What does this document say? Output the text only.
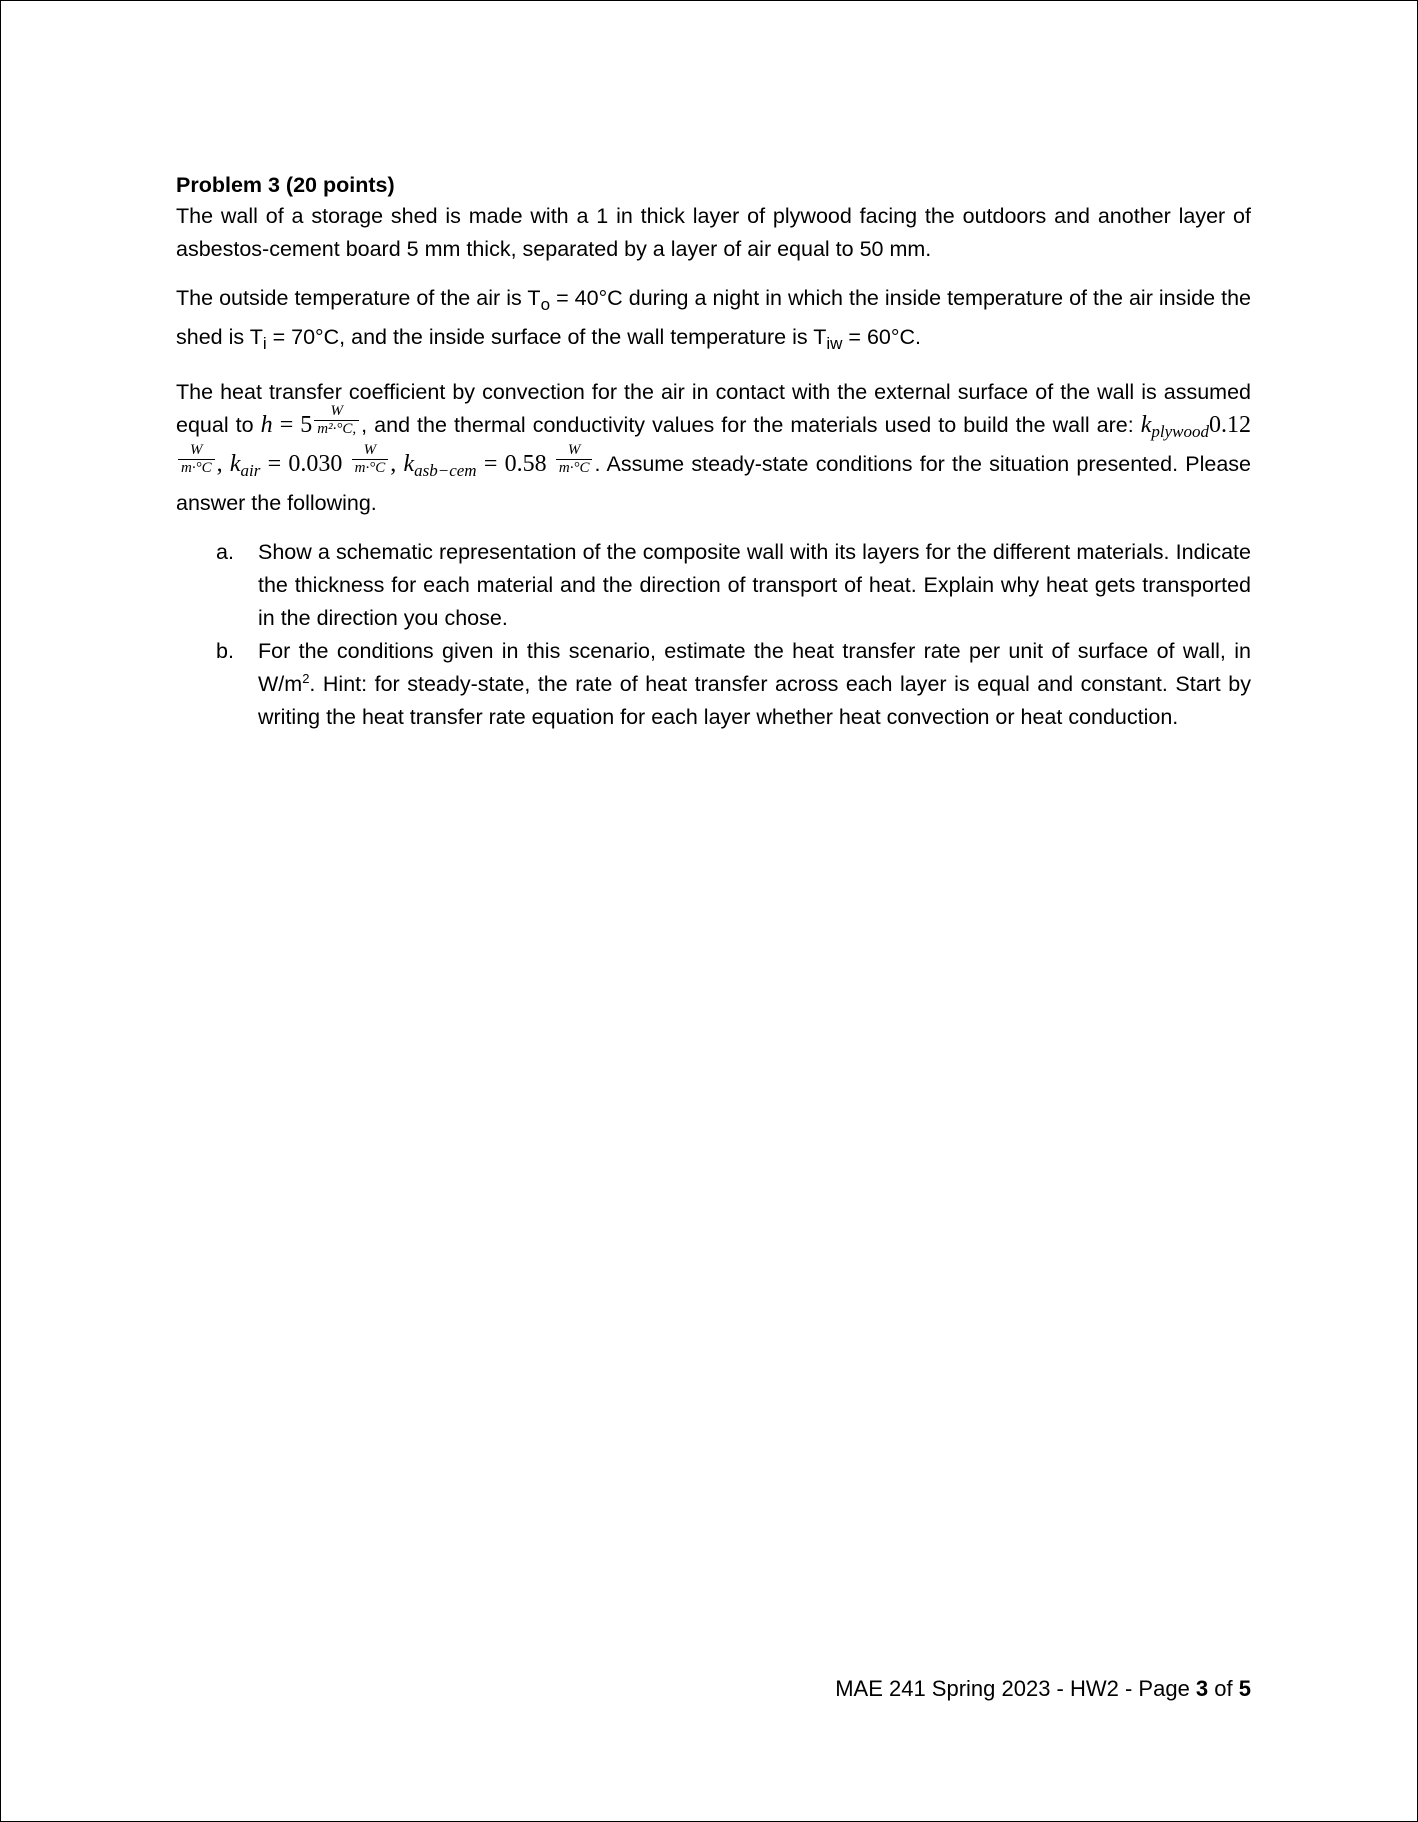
Problem 3 (20 points)

The wall of a storage shed is made with a 1 in thick layer of plywood facing the outdoors and another layer of asbestos-cement board 5 mm thick, separated by a layer of air equal to 50 mm.

The outside temperature of the air is $T_o = 40^\circ C$ during a night in which the inside temperature of the air inside the shed is $T_i = 70^\circ C$, and the inside surface of the wall temperature is $T_{iw} = 60^\circ C$.

The heat transfer coefficient by convection for the air in contact with the external surface of the wall is assumed equal to $h = 5 \frac{W}{\text{m²·°C,}}$ , and the thermal conductivity values for the materials used to build the wall are: $k_{plywood}0.12$
$\frac{W}{m\cdot^\circ C}$ , $k_{air} = 0.030 \frac{W}{m\cdot^\circ C}$ , $k_{asb-cem} = 0.58 \frac{W}{m\cdot^\circ C}$ . Assume steady-state conditions for the situation presented. Please answer the following.

a. Show a schematic representation of the composite wall with its layers for the different materials. Indicate the thickness for each material and the direction of transport of heat. Explain why heat gets transported in the direction you chose.
b. For the conditions given in this scenario, estimate the heat transfer rate per unit of surface of wall, in $W/m^2$. Hint: for steady-state, the rate of heat transfer across each layer is equal and constant. Start by writing the heat transfer rate equation for each layer whether heat convection or heat conduction.
MAE 241 Spring 2023 - HW2 - Page 3 of 5
